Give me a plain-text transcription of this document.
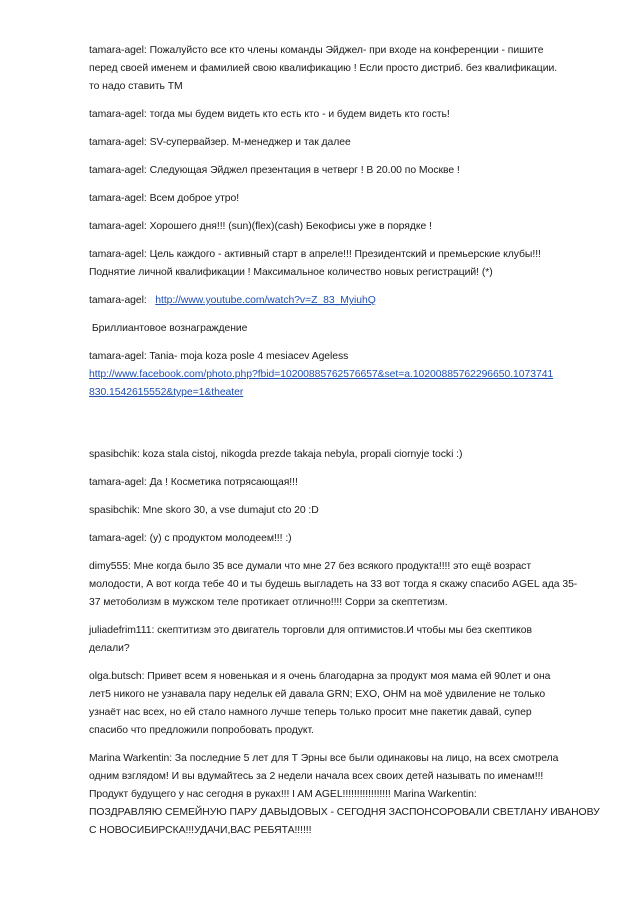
tamara-agel: Пожалуйсто все кто члены команды Эйджел- при входе на конференции - пишите
перед своей именем и фамилией свою квалификацию ! Если просто дистриб. без квалификации.
то надо ставить ТМ

tamara-agel: тогда мы будем видеть кто есть кто - и будем видеть кто гость!

tamara-agel: SV-супервайзер. М-менеджер и так далее

tamara-agel: Следующая Эйджел презентация в четверг ! В 20.00 по Москве !

tamara-agel: Всем доброе утро!

tamara-agel: Хорошего дня!!! (sun)(flex)(cash) Бекофисы уже в порядке !

tamara-agel: Цель каждого - активный старт в апреле!!! Президентский и премьерские клубы!!!
Поднятие личной квалификации ! Максимальное количество новых регистраций! (*)

tamara-agel:   http://www.youtube.com/watch?v=Z_83_MyiuhQ

Бриллиантовое вознаграждение

tamara-agel: Tania- moja koza posle 4 mesiacev Ageless
http://www.facebook.com/photo.php?fbid=10200885762576657&set=a.10200885762296650.1073741
830.1542615552&type=1&theater

spasibchik: koza stala cistoj, nikogda prezde takaja nebyla, propali ciornyje tocki :)

tamara-agel: Да ! Косметика потрясающая!!!

spasibchik: Mne skoro 30, a vse dumajut cto 20 :D

tamara-agel: (y) с продуктом молодеем!!! :)

dimy555: Мне когда было 35 все думали что мне 27 без всякого продукта!!!! это ещё возраст
молодости, А вот когда тебе 40 и ты будешь выгладеть на 33 вот тогда я скажу спасибо AGEL ада 35-
37 метоболизм в мужском теле протикает отлично!!!! Сорри за скептетизм.

juliadefrim111: скептитизм это двигатель торговли для оптимистов.И чтобы мы без скептиков
делали?

olga.butsch: Привет всем я новенькая и я очень благодарна за продукт моя мама ей 90лет и она
лет5 никого не узнавала пару недельк ей давала GRN; EXO, OHM на моё удвиление не только
узнаёт нас всех, но ей стало намного лучше теперь только просит мне пакетик давай, супер
спасибо что предложили попробовать продукт.

Marina Warkentin: За последние 5 лет для Т Эрны все были одинаковы на лицо, на всех смотрела
одним взглядом! И вы вдумайтесь за 2 недели начала всех своих детей называть по именам!!!
Продукт будущего у нас сегодня в руках!!! I AM AGEL!!!!!!!!!!!!!!!!! Marina Warkentin:
ПОЗДРАВЛЯЮ СЕМЕЙНУЮ ПАРУ ДАВЫДОВЫХ - СЕГОДНЯ ЗАСПОНСОРОВАЛИ СВЕТЛАНУ ИВАНОВУ
С НОВОСИБИРСКА!!!УДАЧИ,ВАС РЕБЯТА!!!!!!
